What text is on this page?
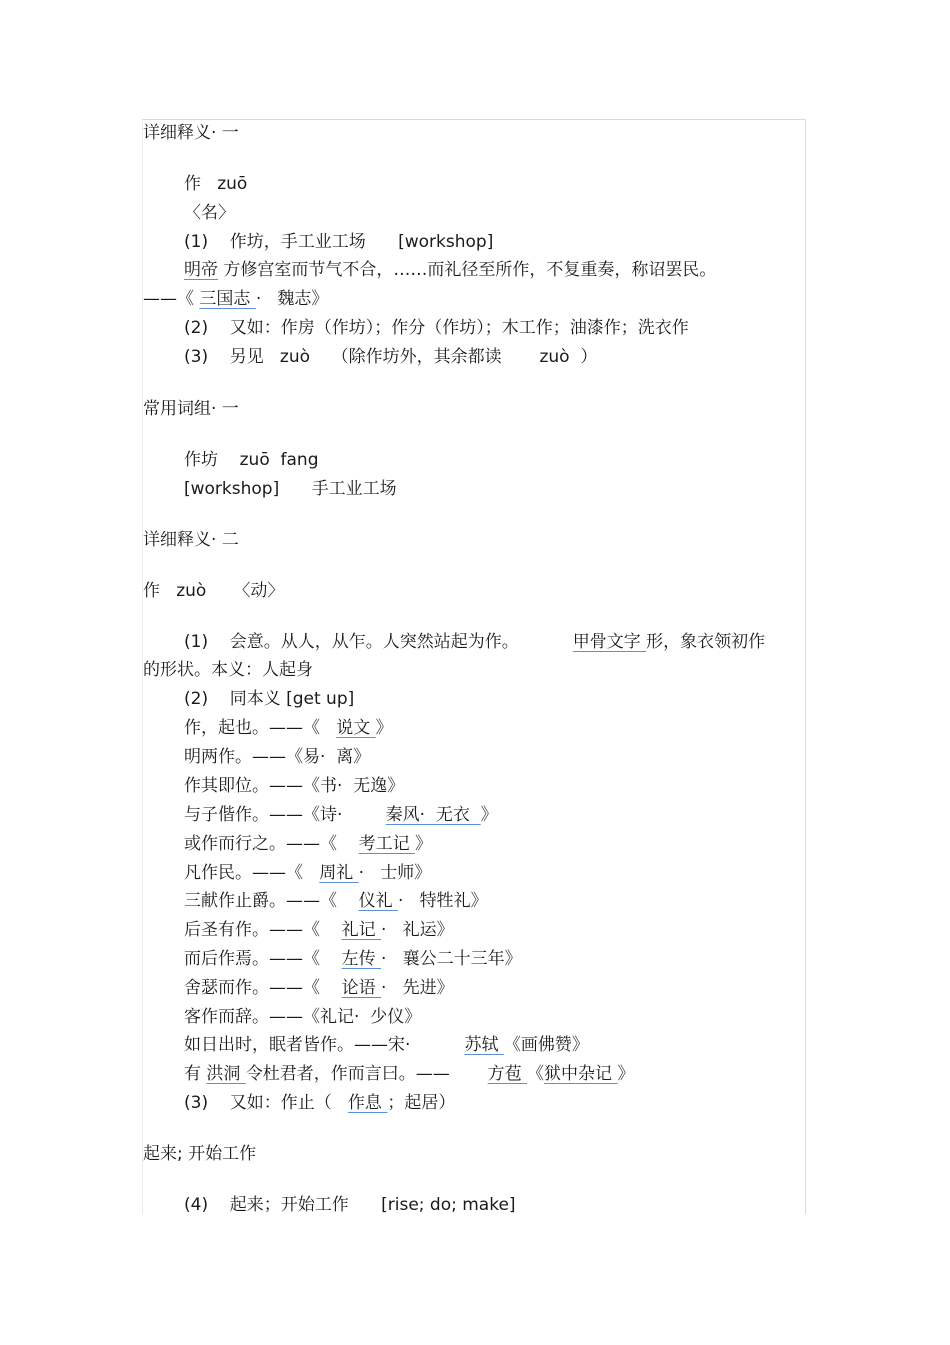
详细释义· 一
作   zuō
〈名〉
(1)    作坊，手工业工场      [workshop]
明帝 方修宫室而节气不合，……而礼径至所作，不复重奏，称诏罢民。
——《 三国志 ·   魏志》
(2)    又如：作房（作坊）；作分（作坊）；木工作；油漆作；洗衣作
(3)    另见   zuò    （除作坊外，其余都读       zuò  ）
常用词组· 一
作坊    zuō  fang
[workshop]      手工业工场
详细释义· 二
作   zuò     〈动〉
(1)    会意。从人，从乍。人突然站起为作。          甲骨文字 形，象衣领初作
的形状。本义：人起身
(2)    同本义 [get up]
作，起也。——《   说文 》
明两作。——《易·  离》
作其即位。——《书·  无逸》
与子偕作。——《诗·        秦风·  无衣  》
或作而行之。——《    考工记 》
凡作民。——《   周礼 ·   士师》
三献作止爵。——《    仪礼 ·   特牲礼》
后圣有作。——《    礼记 ·   礼运》
而后作焉。——《    左传 ·   襄公二十三年》
舍瑟而作。——《    论语 ·   先进》
客作而辞。——《礼记·  少仪》
如日出时，眠者皆作。——宋·          苏轼 《画佛赞》
有 洪洞 令杜君者，作而言曰。——       方苞 《狱中杂记 》
(3)    又如：作止（   作息 ；起居）
起来; 开始工作
(4)    起来；开始工作      [rise; do; make]
